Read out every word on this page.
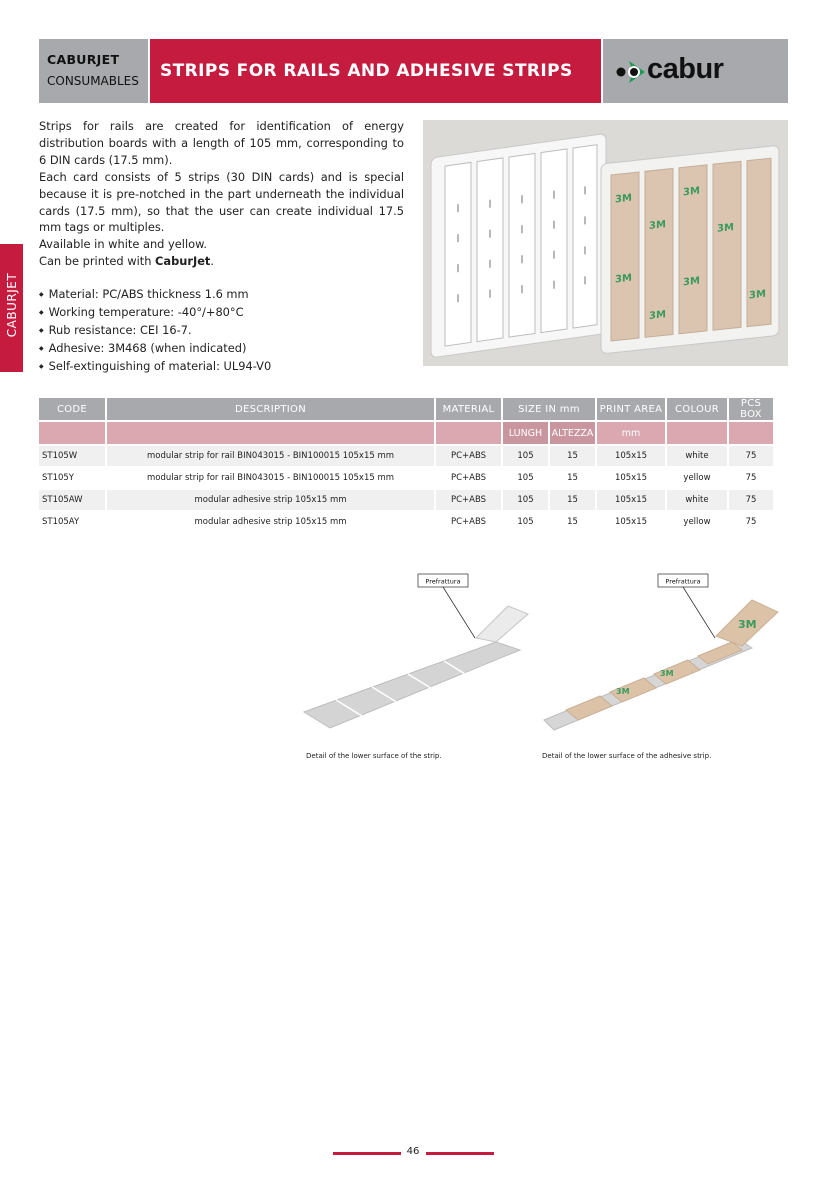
CABURJET
CONSUMABLES STRIPS FOR RAILS AND ADHESIVE STRIPS	cabur
CABURJET

Strips for rails are created for identification of energy distribution boards with a length of 105 mm, corresponding to 6 DIN cards (17.5 mm).

Each card consists of 5 strips (30 DIN cards) and is special because it is pre-notched in the part underneath the individual cards (17.5 mm), so that the user can create individual 17.5 mm tags or multiples.

Available in white and yellow.

Can be printed with CaburJet.

◆ Material: PC/ABS thickness 1.6 mm
◆ Working temperature: -40°/+80°C
◆ Rub resistance: CEI 16-7.
◆ Adhesive: 3M468 (when indicated)
◆ Self-extinguishing of material: UL94-V0
3M
3M
3M
3M
3M	3M
3M
3M
CODE	DESCRIPTION	MATERIAL	SIZE IN mm		PRINT AREA	COLOUR	PCS BOX
			LUNGH	ALTEZZA	mm		
ST105W	modular strip for rail BIN043015 - BIN100015 105x15 mm	PC+ABS	105	15	105x15	white	75
ST105Y	modular strip for rail BIN043015 - BIN100015 105x15 mm	PC+ABS	105	15	105x15	yellow	75
ST105AW	modular adhesive strip 105x15 mm	PC+ABS	105	15	105x15	white	75
ST105AY	modular adhesive strip 105x15 mm	PC+ABS	105	15	105x15	yellow	75
Prefrattura
Detail of the lower surface of the strip.
Prefrattura
3M
3M
3M
Detail of the lower surface of the adhesive strip.
46
